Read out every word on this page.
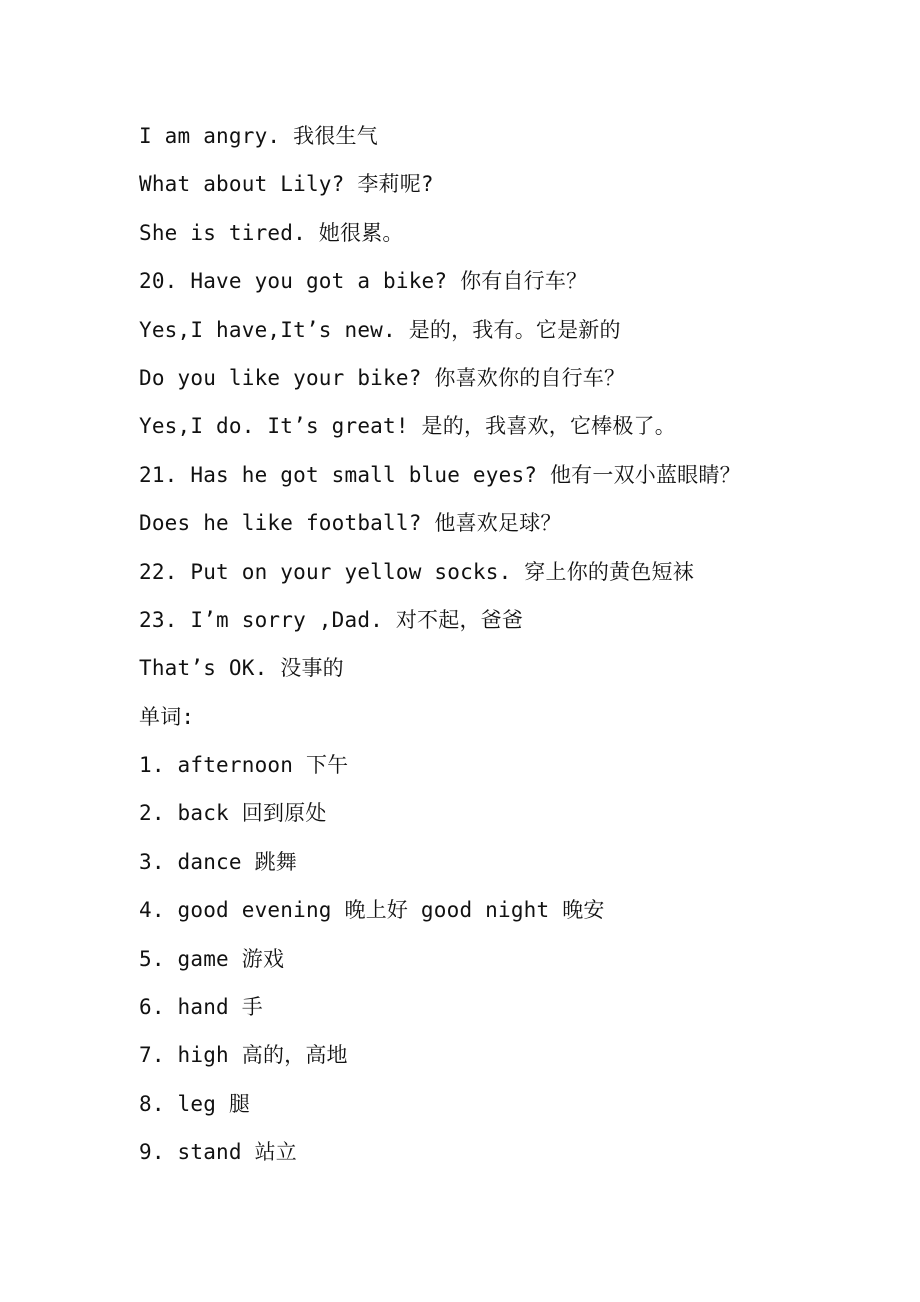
I am angry. 我很生气
What about Lily? 李莉呢?
She is tired. 她很累。
20. Have you got a bike? 你有自行车？
Yes,I have,It’s new. 是的，我有。它是新的
Do you like your bike? 你喜欢你的自行车？
Yes,I do. It’s great! 是的，我喜欢，它棒极了。
21. Has he got small blue eyes? 他有一双小蓝眼睛？
Does he like football? 他喜欢足球？
22. Put on your yellow socks. 穿上你的黄色短袜
23. I’m sorry ,Dad. 对不起，爸爸
That’s OK. 没事的
单词:
1. afternoon 下午
2. back 回到原处
3. dance 跳舞
4. good evening 晚上好 good night 晚安
5. game 游戏
6. hand 手
7. high 高的，高地
8. leg 腿
9. stand 站立
